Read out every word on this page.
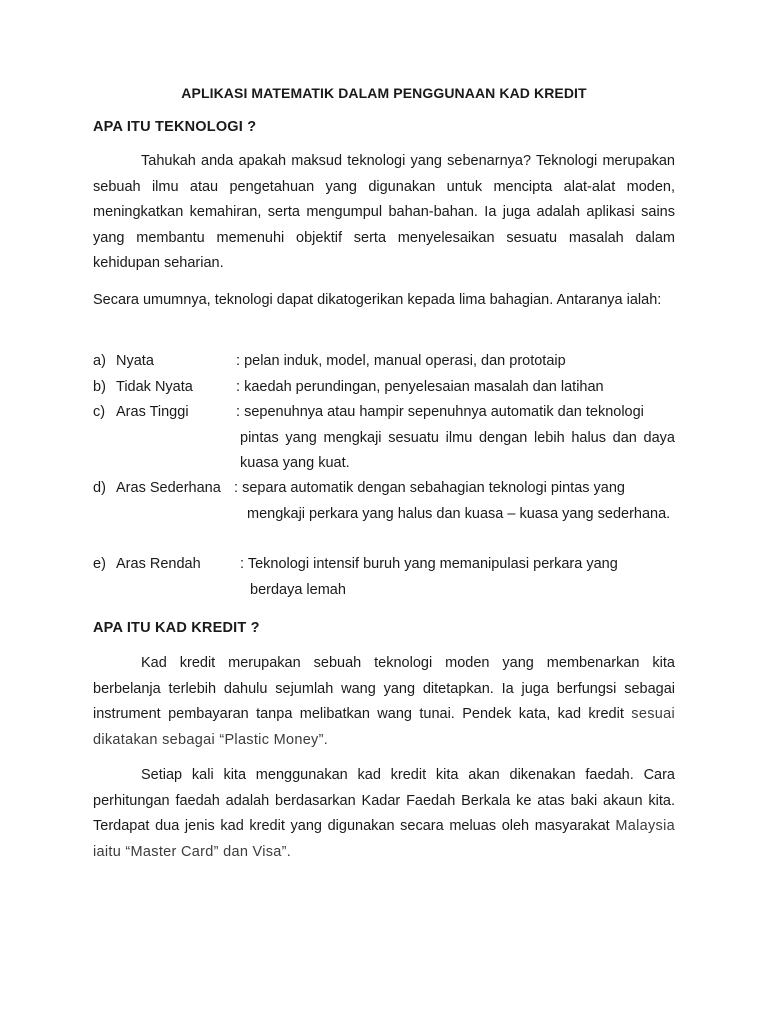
APLIKASI MATEMATIK DALAM PENGGUNAAN KAD KREDIT
APA ITU TEKNOLOGI ?

Tahukah anda apakah maksud teknologi yang sebenarnya? Teknologi merupakan sebuah ilmu atau pengetahuan yang digunakan untuk mencipta alat-alat moden, meningkatkan kemahiran, serta mengumpul bahan-bahan. Ia juga adalah aplikasi sains yang membantu memenuhi objektif serta menyelesaikan sesuatu masalah dalam kehidupan seharian.

Secara umumnya, teknologi dapat dikatogerikan kepada lima bahagian. Antaranya ialah:

a) Nyata	: pelan induk, model, manual operasi, dan prototaip
b) Tidak Nyata	: kaedah perundingan, penyelesaian masalah dan latihan
c) Aras Tinggi	: sepenuhnya atau hampir sepenuhnya automatik dan teknologi
pintas yang mengkaji sesuatu ilmu dengan lebih halus dan daya kuasa yang kuat.
d) Aras Sederhana : separa automatik dengan sebahagian teknologi pintas yang
mengkaji perkara yang halus dan kuasa – kuasa yang sederhana.
e) Aras Rendah	: Teknologi intensif buruh yang memanipulasi perkara yang
berdaya lemah
APA ITU KAD KREDIT ?

Kad kredit merupakan sebuah teknologi moden yang membenarkan kita berbelanja terlebih dahulu sejumlah wang yang ditetapkan. Ia juga berfungsi sebagai instrument pembayaran tanpa melibatkan wang tunai. Pendek kata, kad kredit sesuai dikatakan sebagai “Plastic Money”.

Setiap kali kita menggunakan kad kredit kita akan dikenakan faedah. Cara perhitungan faedah adalah berdasarkan Kadar Faedah Berkala ke atas baki akaun kita. Terdapat dua jenis kad kredit yang digunakan secara meluas oleh masyarakat Malaysia iaitu “Master Card” dan Visa”.
